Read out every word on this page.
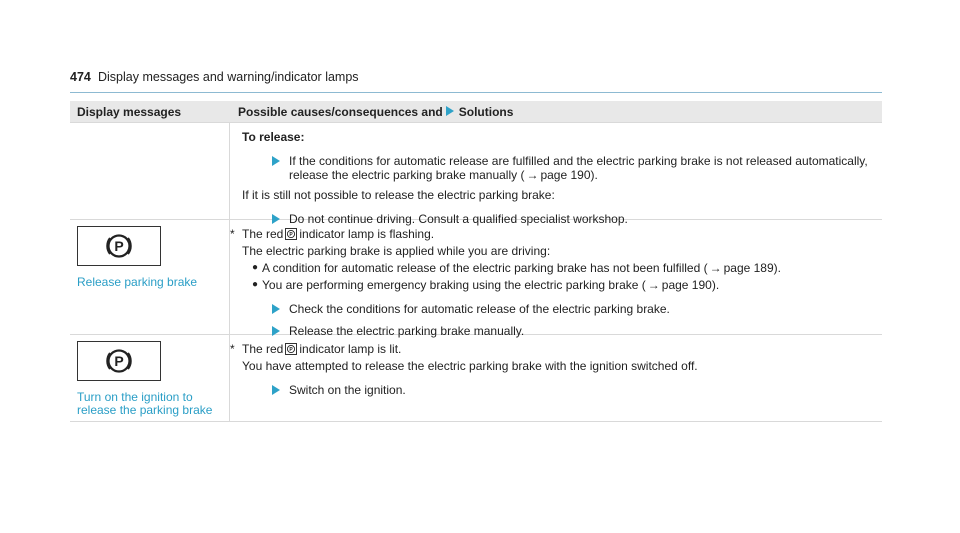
474 Display messages and warning/indicator lamps
Display messages	Possible causes/consequences and Solutions
To release:
If the conditions for automatic release are fulfilled and the electric parking brake is not released automatically,
release the electric parking brake manually ( → page 190).
If it is still not possible to release the electric parking brake:
Do not continue driving. Consult a qualified specialist workshop.
P
Release parking brake
* The red P indicator lamp is flashing.
The electric parking brake is applied while you are driving:
● A condition for automatic release of the electric parking brake has not been fulfilled ( → page 189).
● You are performing emergency braking using the electric parking brake ( → page 190).
Check the conditions for automatic release of the electric parking brake.
Release the electric parking brake manually.
P
Turn on the ignition to
release the parking brake
* The red P indicator lamp is lit.
You have attempted to release the electric parking brake with the ignition switched off.
Switch on the ignition.
